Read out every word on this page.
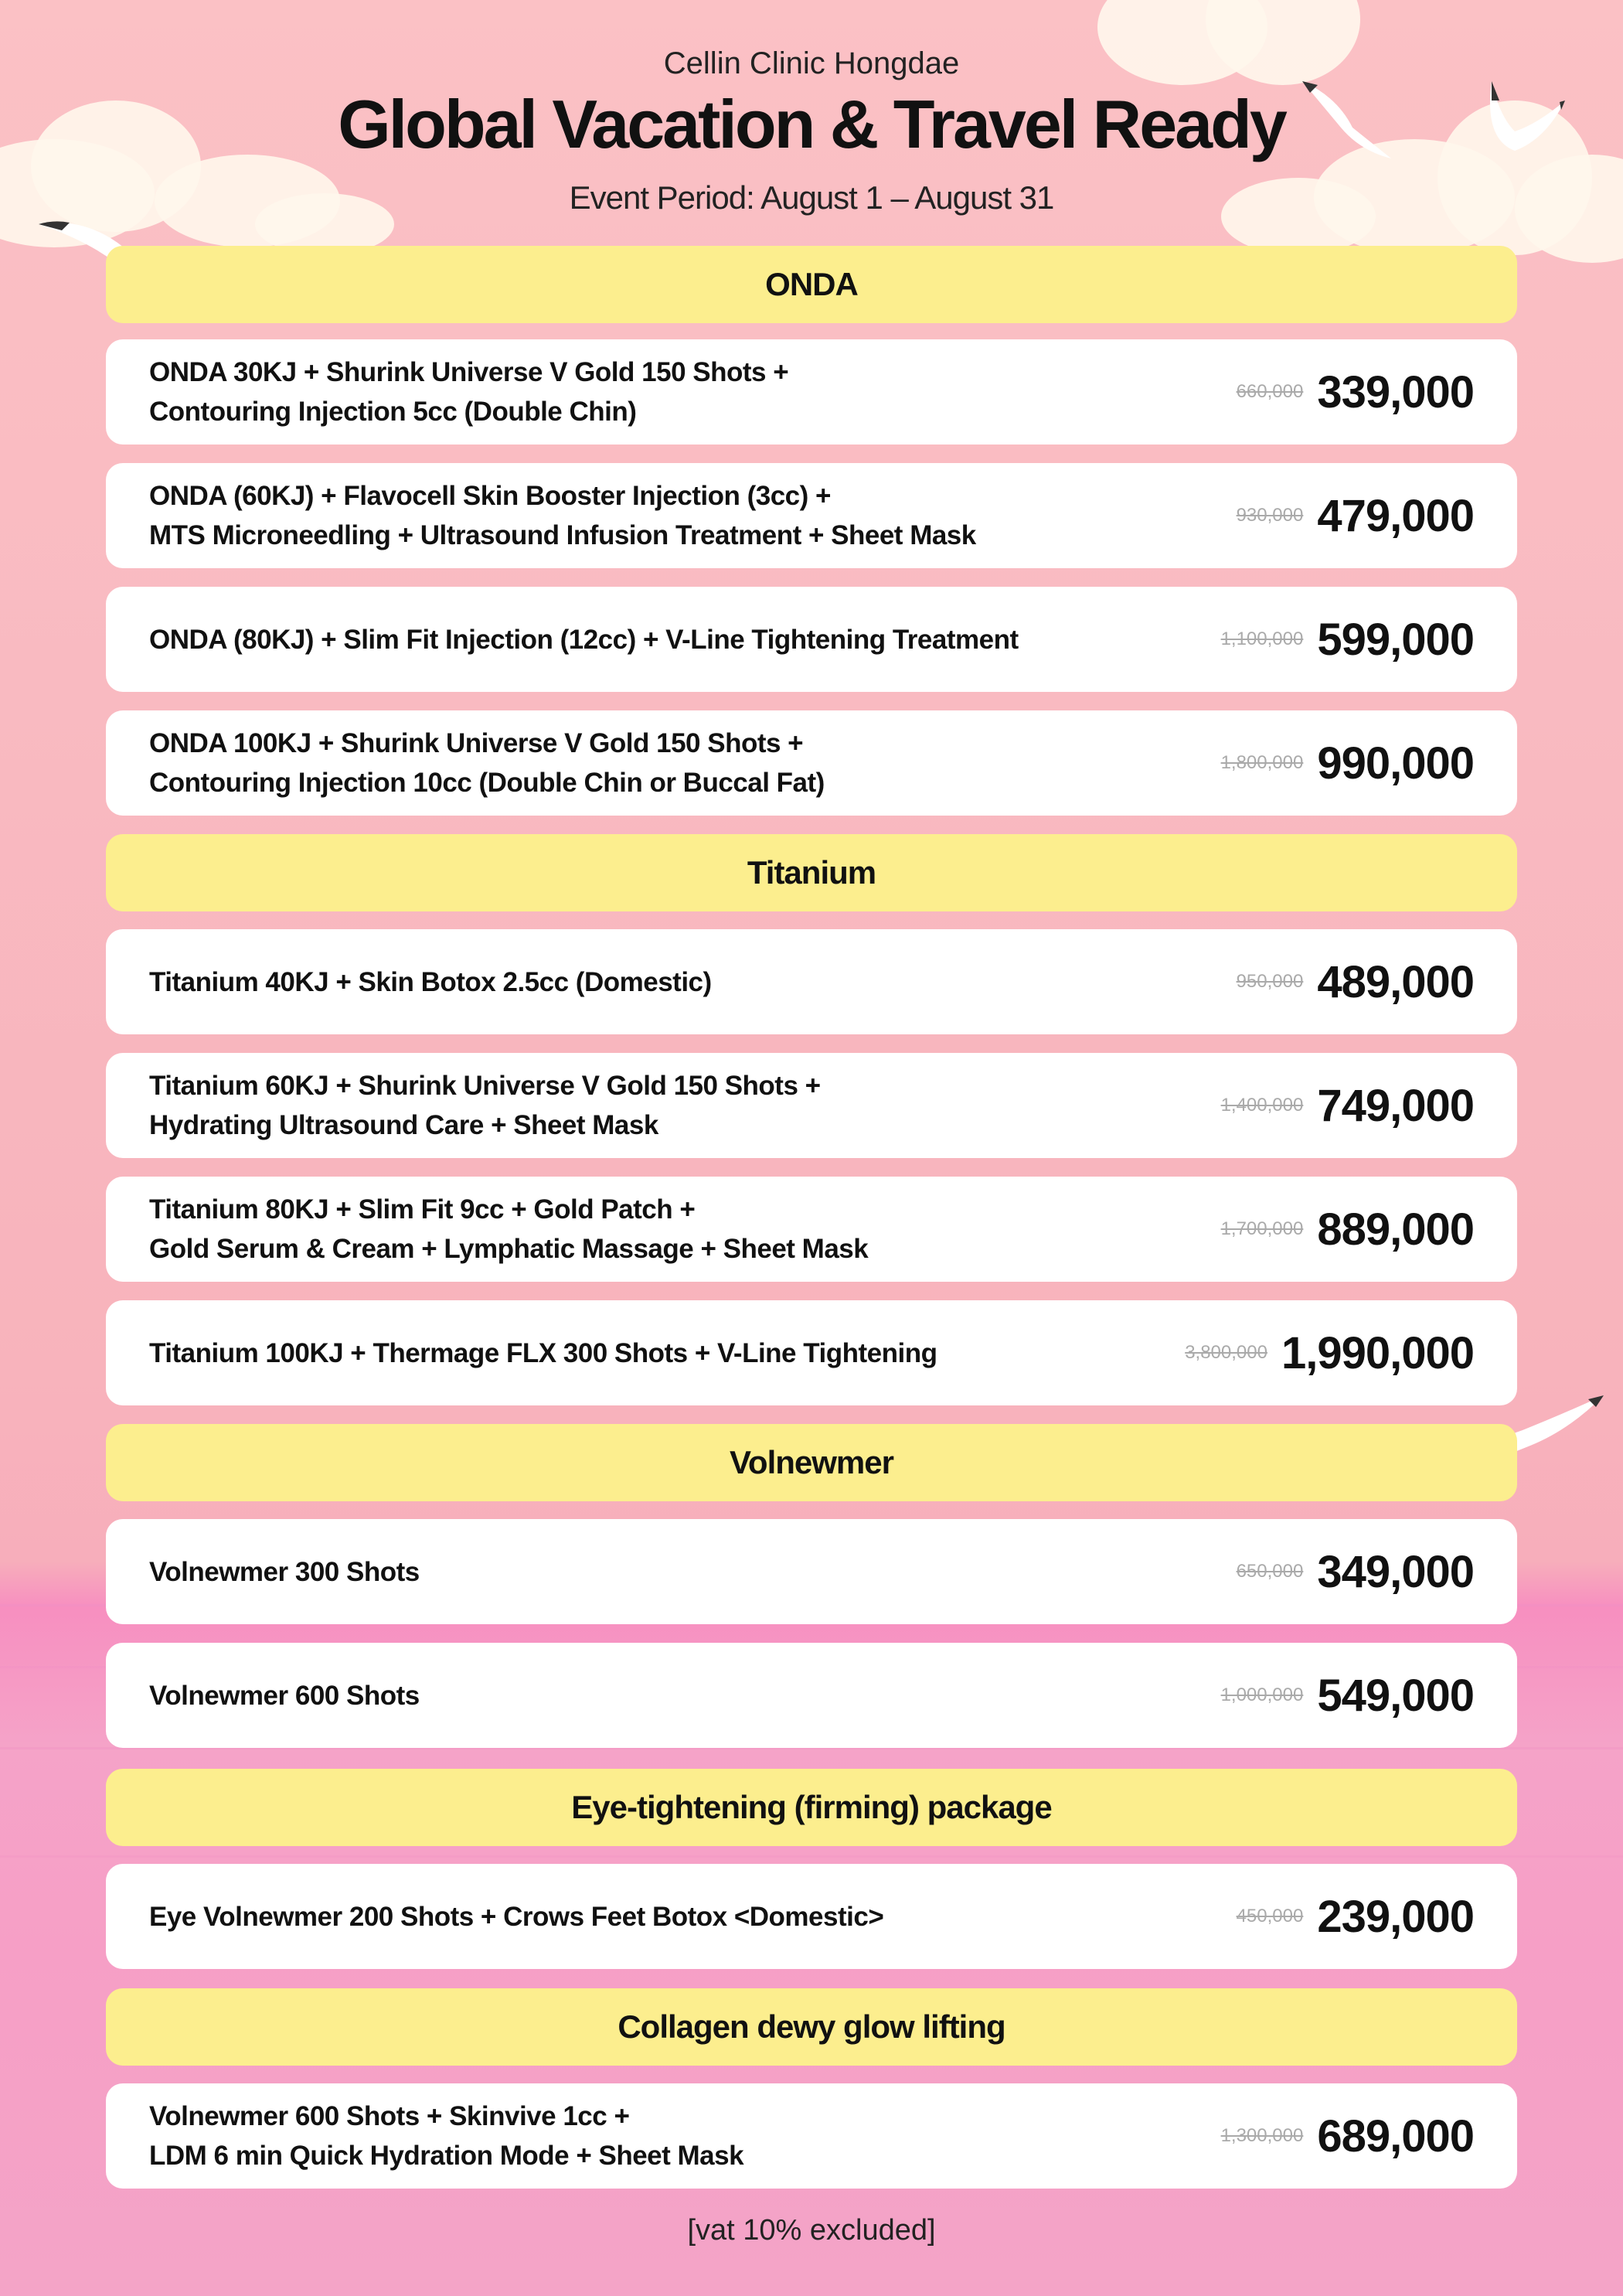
Cellin Clinic Hongdae
Global Vacation & Travel Ready
Event Period: August 1 – August 31
ONDA
ONDA 30KJ + Shurink Universe V Gold 150 Shots +
Contouring Injection 5cc (Double Chin)
660,000 339,000
ONDA (60KJ) + Flavocell Skin Booster Injection (3cc) +
MTS Microneedling + Ultrasound Infusion Treatment + Sheet Mask
930,000 479,000
ONDA (80KJ) + Slim Fit Injection (12cc) + V-Line Tightening Treatment	1,100,000 599,000
ONDA 100KJ + Shurink Universe V Gold 150 Shots +
Contouring Injection 10cc (Double Chin or Buccal Fat)
1,800,000 990,000
Titanium
Titanium 40KJ + Skin Botox 2.5cc (Domestic)	950,000 489,000
Titanium 60KJ + Shurink Universe V Gold 150 Shots +
Hydrating Ultrasound Care + Sheet Mask
1,400,000 749,000
Titanium 80KJ + Slim Fit 9cc + Gold Patch +
Gold Serum & Cream + Lymphatic Massage + Sheet Mask
1,700,000 889,000
Titanium 100KJ + Thermage FLX 300 Shots + V-Line Tightening	3,800,000 1,990,000
Volnewmer
Volnewmer 300 Shots	650,000 349,000
Volnewmer 600 Shots	1,000,000 549,000
Eye-tightening (firming) package
Eye Volnewmer 200 Shots + Crows Feet Botox <Domestic>	450,000 239,000
Collagen dewy glow lifting
Volnewmer 600 Shots + Skinvive 1cc +
LDM 6 min Quick Hydration Mode + Sheet Mask
1,300,000 689,000
[vat 10% excluded]
